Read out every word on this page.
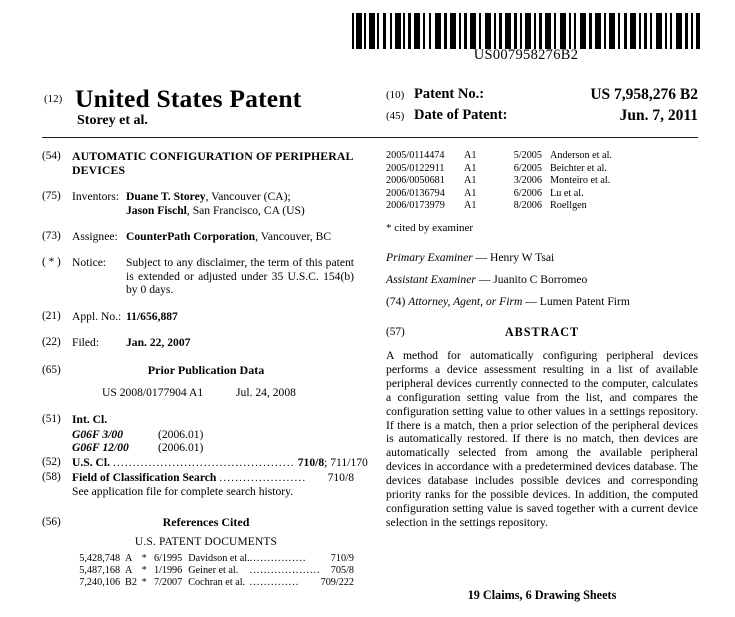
US007958276B2
(12) United States Patent
Storey et al.
(10) Patent No.:	US 7,958,276 B2
(45) Date of Patent:	Jun. 7, 2011
(54) AUTOMATIC CONFIGURATION OF PERIPHERAL DEVICES
(75) Inventors: Duane T. Storey, Vancouver (CA);
Jason Fischl, San Francisco, CA (US)
(73) Assignee: CounterPath Corporation, Vancouver, BC
( * ) Notice:	Subject to any disclaimer, the term of this patent is extended or adjusted under 35 U.S.C. 154(b) by 0 days.
(21) Appl. No.: 11/656,887
(22) Filed:	Jan. 22, 2007
(65)	Prior Publication Data
US 2008/0177904 A1	Jul. 24, 2008
(51) Int. Cl.
G06F 3/00	(2006.01)
G06F 12/00	(2006.01)
(52) U.S. Cl. .............................................. 710/8; 711/170
(58) Field of Classification Search ......................	710/8
See application file for complete search history.
(56)	References Cited
U.S. PATENT DOCUMENTS
5,428,748	A	*	6/1995	Davidson et al.	................	710/9
5,487,168	A	*	1/1996	Geiner et al.	....................	705/8
7,240,106	B2	*	7/2007	Cochran et al.	..............	709/222
2005/0114474	A1	5/2005	Anderson et al.
2005/0122911	A1	6/2005	Beichter et al.
2006/0050681	A1	3/2006	Monteiro et al.
2006/0136794	A1	6/2006	Lu et al.
2006/0173979	A1	8/2006	Roellgen
* cited by examiner
Primary Examiner — Henry W Tsai
Assistant Examiner — Juanito C Borromeo
(74) Attorney, Agent, or Firm — Lumen Patent Firm
(57)	ABSTRACT
A method for automatically configuring peripheral devices performs a device assessment resulting in a list of available peripheral devices currently connected to the computer, calculates a configuration setting value from the list, and compares the configuration setting value to other values in a settings repository. If there is a match, then a prior selection of the peripheral devices is automatically restored. If there is no match, then devices are automatically selected from among the available peripheral devices in accordance with a predetermined devices database. The devices database includes possible devices and corresponding priority ranks for the possible devices. In addition, the computed configuration setting value is saved together with a current device selection in the settings repository.
19 Claims, 6 Drawing Sheets
